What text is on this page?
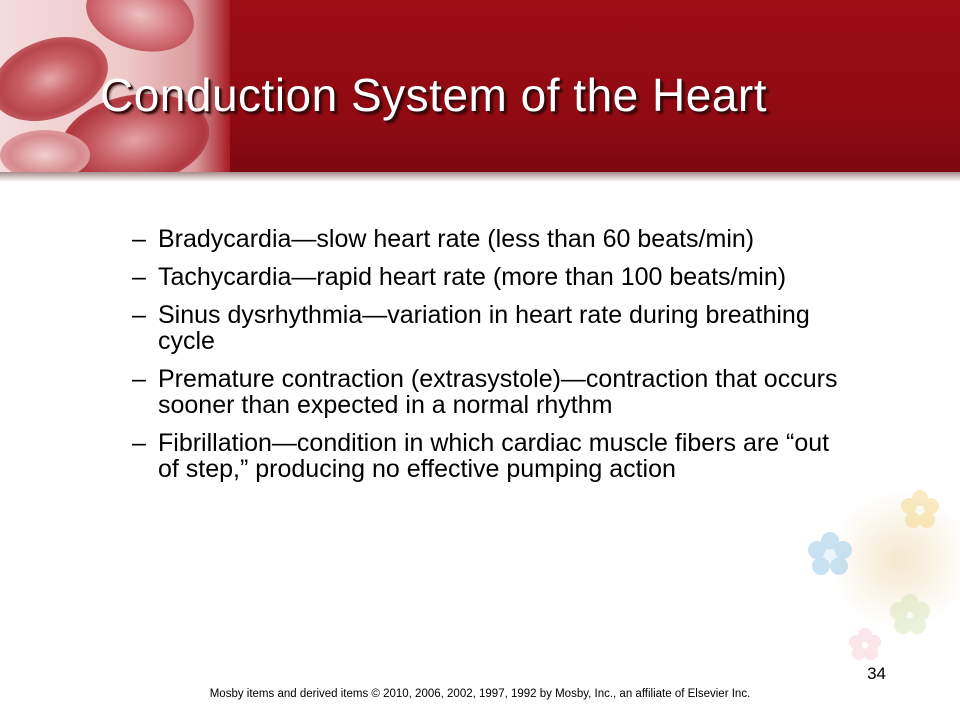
Conduction System of the Heart
– Bradycardia—slow heart rate (less than 60 beats/min)
– Tachycardia—rapid heart rate (more than 100 beats/min)
– Sinus dysrhythmia—variation in heart rate during breathing cycle
– Premature contraction (extrasystole)—contraction that occurs sooner than expected in a normal rhythm
– Fibrillation—condition in which cardiac muscle fibers are “out of step,” producing no effective pumping action
34
Mosby items and derived items © 2010, 2006, 2002, 1997, 1992 by Mosby, Inc., an affiliate of Elsevier Inc.
